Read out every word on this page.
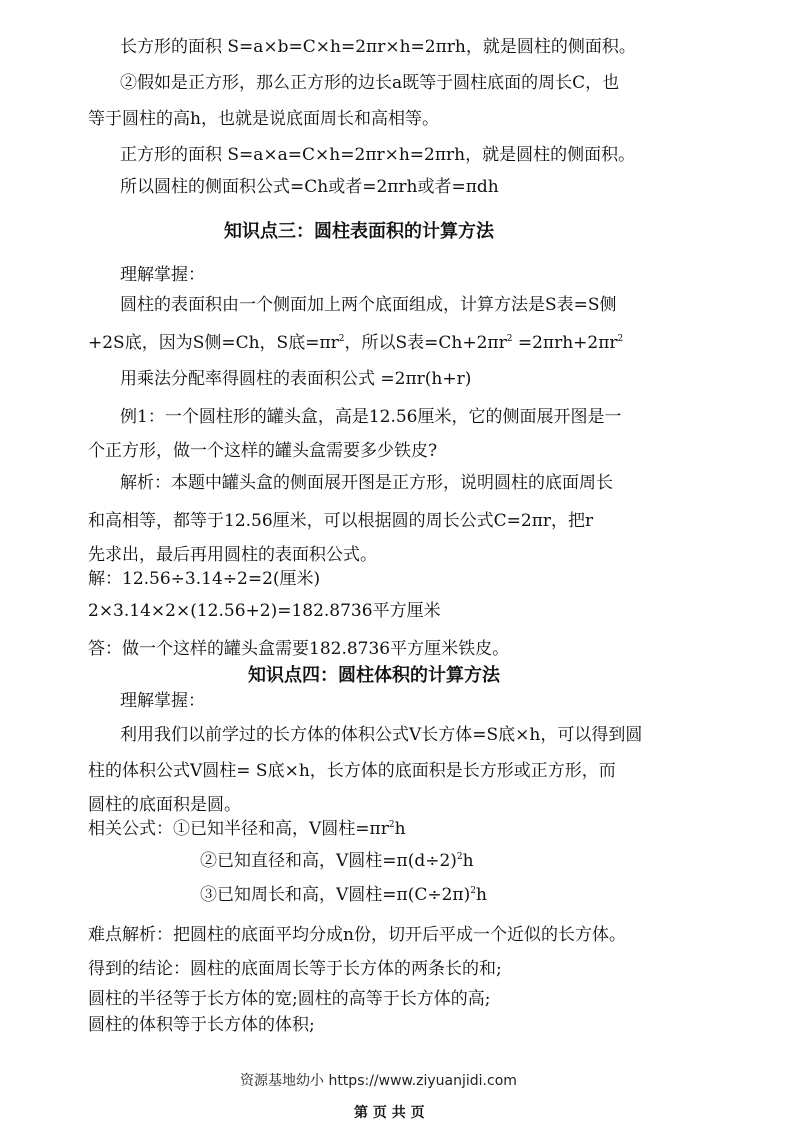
长方形的面积 S=a×b=C×h=2πr×h=2πrh，就是圆柱的侧面积。
②假如是正方形，那么正方形的边长a既等于圆柱底面的周长C，也
等于圆柱的高h，也就是说底面周长和高相等。
正方形的面积 S=a×a=C×h=2πr×h=2πrh，就是圆柱的侧面积。
所以圆柱的侧面积公式=Ch或者=2πrh或者=πdh
知识点三：圆柱表面积的计算方法
理解掌握：
圆柱的表面积由一个侧面加上两个底面组成，计算方法是S表=S侧
+2S底，因为S侧=Ch，S底$=\pi r^2$，所以S表$=Ch+2\pi r^2 =2\pi rh+2\pi r^2$
用乘法分配率得圆柱的表面积公式 =2πr(h+r)
例1：一个圆柱形的罐头盒，高是12.56厘米，它的侧面展开图是一
个正方形，做一个这样的罐头盒需要多少铁皮?
解析：本题中罐头盒的侧面展开图是正方形，说明圆柱的底面周长
和高相等，都等于12.56厘米，可以根据圆的周长公式C=2πr，把r
先求出，最后再用圆柱的表面积公式。
解：12.56÷3.14÷2=2(厘米)
2×3.14×2×(12.56+2)=182.8736平方厘米
答：做一个这样的罐头盒需要182.8736平方厘米铁皮。
知识点四：圆柱体积的计算方法
理解掌握：
利用我们以前学过的长方体的体积公式V长方体=S底×h，可以得到圆
柱的体积公式V圆柱= S底×h，长方体的底面积是长方形或正方形，而
圆柱的底面积是圆。
相关公式：①已知半径和高，V圆柱$=\pi r^2h$
②已知直径和高，V圆柱$=\pi(d\div 2)^2h$
③已知周长和高，V圆柱$=\pi(C\div 2\pi)^2h$
难点解析：把圆柱的底面平均分成n份，切开后平成一个近似的长方体。
得到的结论：圆柱的底面周长等于长方体的两条长的和;
圆柱的半径等于长方体的宽;圆柱的高等于长方体的高;
圆柱的体积等于长方体的体积;
资源基地幼小 https://www.ziyuanjidi.com
第 页 共 页
